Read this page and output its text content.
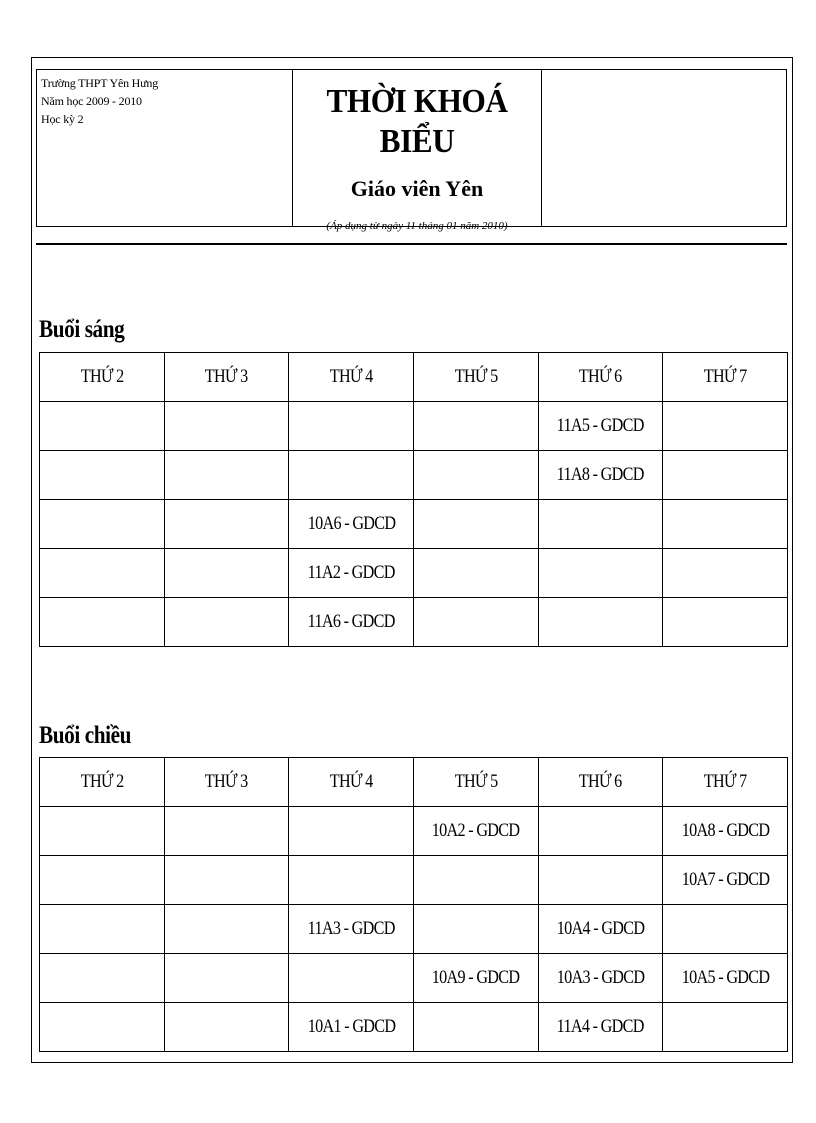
Trường THPT Yên Hưng
Năm học 2009 - 2010
Học kỳ 2	THỜI KHOÁ BIỂU
Giáo viên Yên
(Áp dụng từ ngày 11 tháng 01 năm 2010)
Buổi sáng
THỨ 2	THỨ 3	THỨ 4	THỨ 5	THỨ 6	THỨ 7
				11A5 - GDCD	
				11A8 - GDCD	
		10A6 - GDCD			
		11A2 - GDCD			
		11A6 - GDCD			
Buổi chiều
THỨ 2	THỨ 3	THỨ 4	THỨ 5	THỨ 6	THỨ 7
			10A2 - GDCD		10A8 - GDCD
					10A7 - GDCD
		11A3 - GDCD		10A4 - GDCD	
			10A9 - GDCD	10A3 - GDCD	10A5 - GDCD
		10A1 - GDCD		11A4 - GDCD	
